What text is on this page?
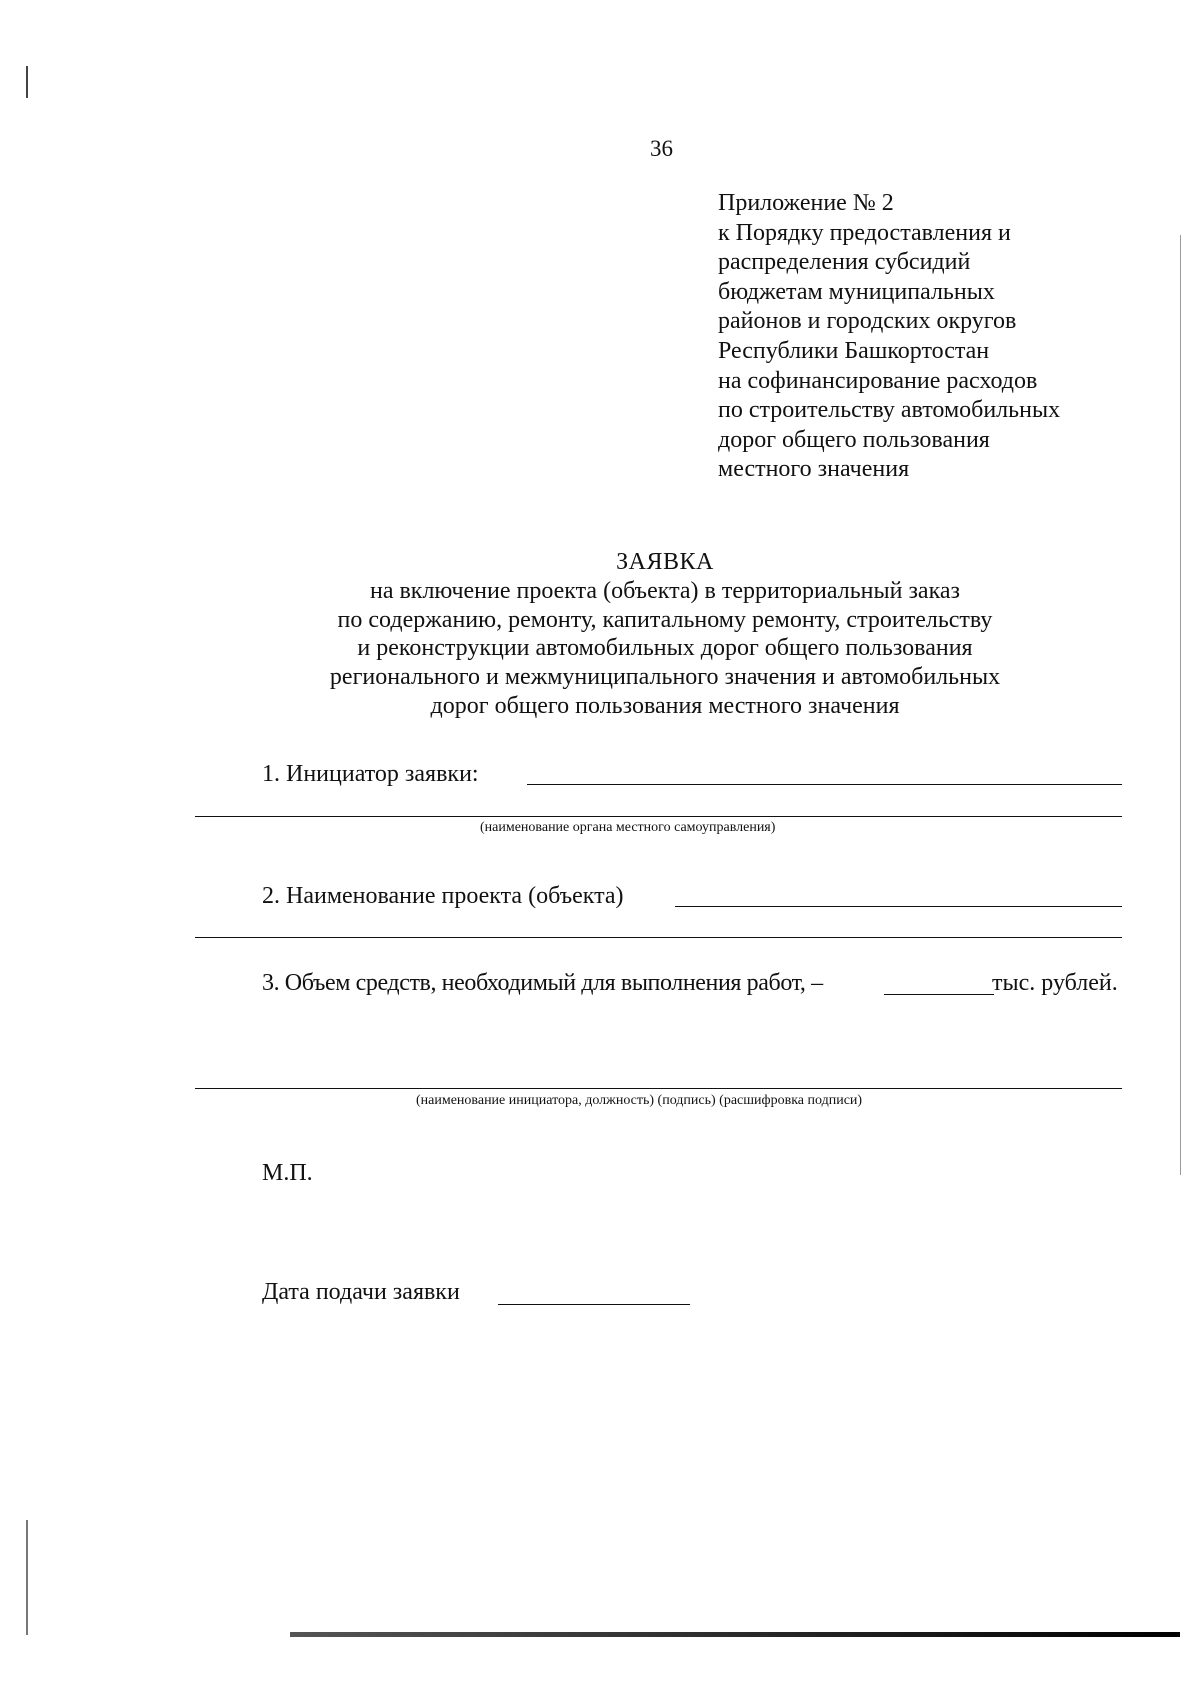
36
Приложение № 2
к Порядку предоставления и
распределения субсидий
бюджетам муниципальных
районов и городских округов
Республики Башкортостан
на софинансирование расходов
по строительству автомобильных
дорог общего пользования
местного значения
ЗАЯВКА
на включение проекта (объекта) в территориальный заказ
по содержанию, ремонту, капитальному ремонту, строительству
и реконструкции автомобильных дорог общего пользования
регионального и межмуниципального значения и автомобильных
дорог общего пользования местного значения
1. Инициатор заявки:
(наименование органа местного самоуправления)
2. Наименование проекта (объекта)
3. Объем средств, необходимый для выполнения работ, –	тыс. рублей.
(наименование инициатора, должность) (подпись) (расшифровка подписи)
М.П.
Дата подачи заявки
